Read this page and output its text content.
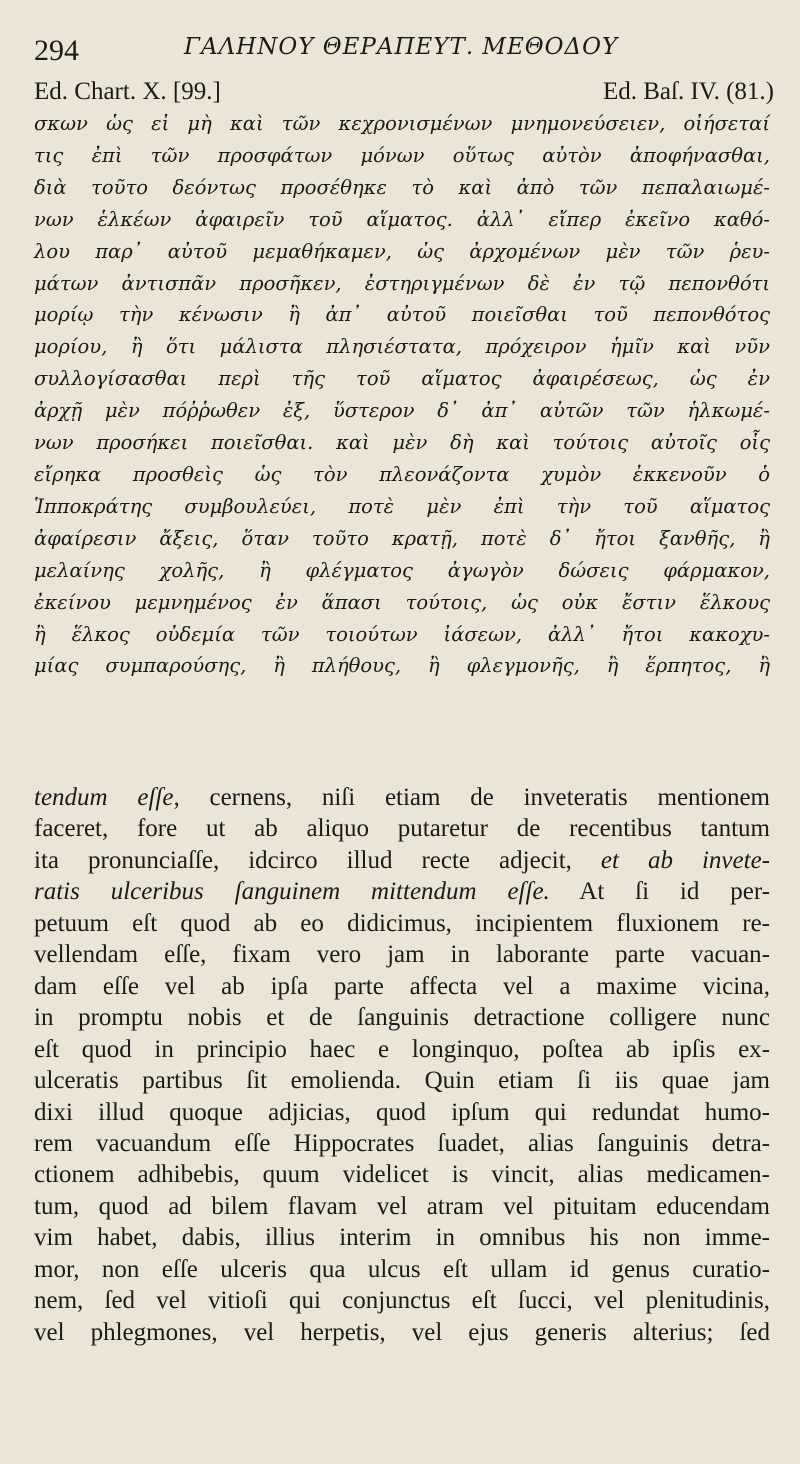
294	ΓΑΛΗΝΟΥ ΘΕΡΑΠΕΥΤ. ΜΕΘΟΔΟΥ
Ed. Chart. X. [99.]	Ed. Baſ. IV. (81.)
σκων ὡς εἰ μὴ καὶ τῶν κεχρονισμένων μνημονεύσειεν, οἰήσεταί
τις ἐπὶ τῶν προσφάτων μόνων οὕτως αὐτὸν ἀποφήνασθαι,
διὰ τοῦτο δεόντως προσέθηκε τὸ καὶ ἀπὸ τῶν πεπαλαιωμέ-
νων ἑλκέων ἀφαιρεῖν τοῦ αἵματος. ἀλλ᾽ εἴπερ ἐκεῖνο καθό-
λου παρ᾽ αὐτοῦ μεμαθήκαμεν, ὡς ἀρχομένων μὲν τῶν ῥευ-
μάτων ἀντισπᾶν προσῆκεν, ἐστηριγμένων δὲ ἐν τῷ πεπονθότι
μορίῳ τὴν κένωσιν ἢ ἀπ᾽ αὐτοῦ ποιεῖσθαι τοῦ πεπονθότος
μορίου, ἢ ὅτι μάλιστα πλησιέστατα, πρόχειρον ἡμῖν καὶ νῦν
συλλογίσασθαι περὶ τῆς τοῦ αἵματος ἀφαιρέσεως, ὡς ἐν
ἀρχῇ μὲν πόῤῥωθεν ἐξ, ὕστερον δ᾽ ἀπ᾽ αὐτῶν τῶν ἡλκωμέ-
νων προσήκει ποιεῖσθαι. καὶ μὲν δὴ καὶ τούτοις αὐτοῖς οἷς
εἴρηκα προσθεὶς ὡς τὸν πλεονάζοντα χυμὸν ἐκκενοῦν ὁ
Ἱπποκράτης συμβουλεύει, ποτὲ μὲν ἐπὶ τὴν τοῦ αἵματος
ἀφαίρεσιν ἄξεις, ὅταν τοῦτο κρατῇ, ποτὲ δ᾽ ἤτοι ξανθῆς, ἢ
μελαίνης χολῆς, ἢ φλέγματος ἀγωγὸν δώσεις φάρμακον,
ἐκείνου μεμνημένος ἐν ἅπασι τούτοις, ὡς οὐκ ἔστιν ἕλκους
ἢ ἕλκος οὐδεμία τῶν τοιούτων ἰάσεων, ἀλλ᾽ ἤτοι κακοχυ-
μίας συμπαρούσης, ἢ πλήθους, ἢ φλεγμονῆς, ἢ ἕρπητος, ἢ
tendum eſſe, cernens, niſi etiam de inveteratis mentionem
faceret, fore ut ab aliquo putaretur de recentibus tantum
ita pronunciaſſe, idcirco illud recte adjecit, et ab invete-
ratis ulceribus ſanguinem mittendum eſſe. At ſi id per-
petuum eſt quod ab eo didicimus, incipientem fluxionem re-
vellendam eſſe, fixam vero jam in laborante parte vacuan-
dam eſſe vel ab ipſa parte affecta vel a maxime vicina,
in promptu nobis et de ſanguinis detractione colligere nunc
eſt quod in principio haec e longinquo, poſtea ab ipſis ex-
ulceratis partibus ſit emolienda. Quin etiam ſi iis quae jam
dixi illud quoque adjicias, quod ipſum qui redundat humo-
rem vacuandum eſſe Hippocrates ſuadet, alias ſanguinis detra-
ctionem adhibebis, quum videlicet is vincit, alias medicamen-
tum, quod ad bilem flavam vel atram vel pituitam educendam
vim habet, dabis, illius interim in omnibus his non imme-
mor, non eſſe ulceris qua ulcus eſt ullam id genus curatio-
nem, ſed vel vitioſi qui conjunctus eſt ſucci, vel plenitudinis,
vel phlegmones, vel herpetis, vel ejus generis alterius; ſed
